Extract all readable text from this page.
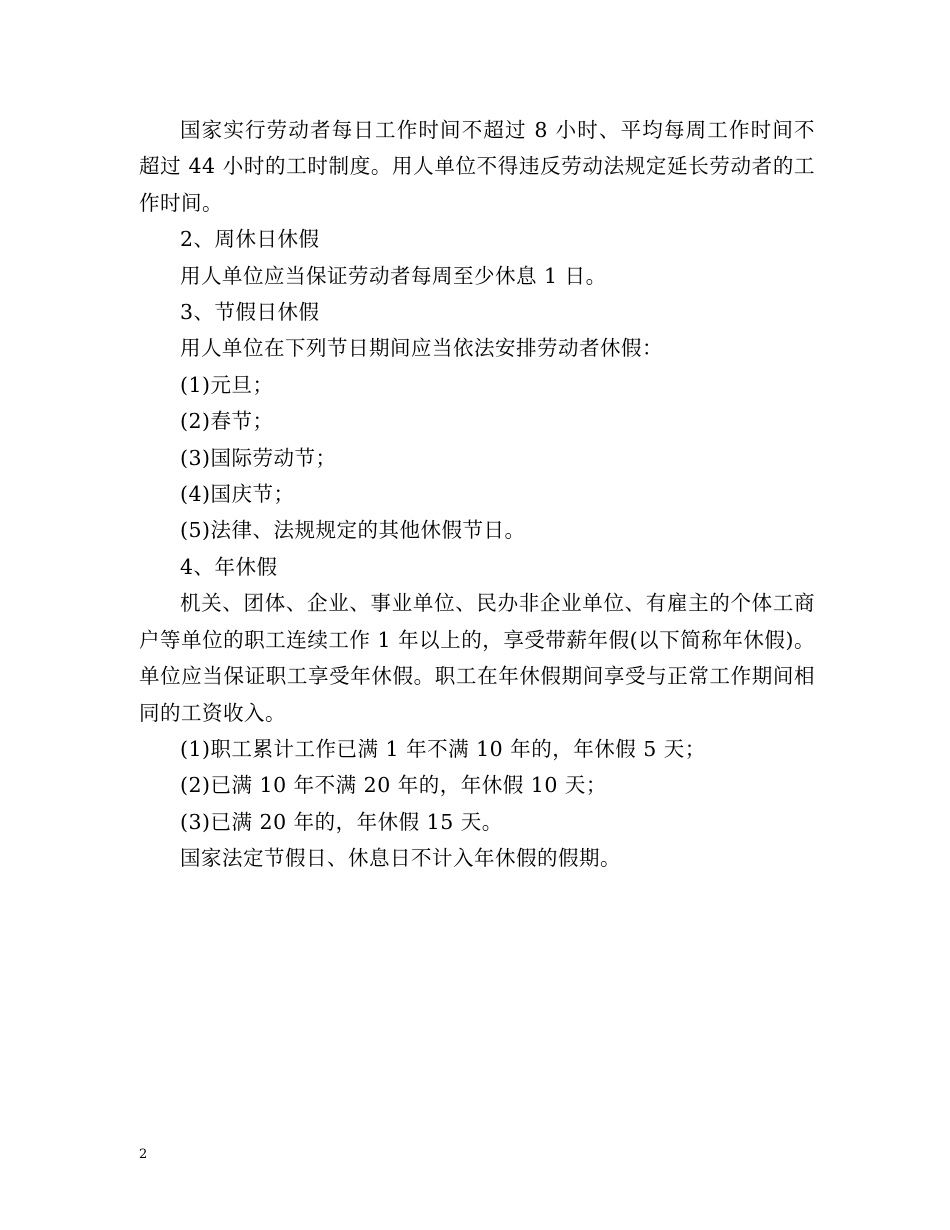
国家实行劳动者每日工作时间不超过 8 小时、平均每周工作时间不超过 44 小时的工时制度。用人单位不得违反劳动法规定延长劳动者的工作时间。

2、周休日休假

用人单位应当保证劳动者每周至少休息 1 日。

3、节假日休假

用人单位在下列节日期间应当依法安排劳动者休假：

(1)元旦；

(2)春节；

(3)国际劳动节；

(4)国庆节；

(5)法律、法规规定的其他休假节日。

4、年休假

机关、团体、企业、事业单位、民办非企业单位、有雇主的个体工商户等单位的职工连续工作 1 年以上的，享受带薪年假(以下简称年休假)。单位应当保证职工享受年休假。职工在年休假期间享受与正常工作期间相同的工资收入。

(1)职工累计工作已满 1 年不满 10 年的，年休假 5 天；

(2)已满 10 年不满 20 年的，年休假 10 天；

(3)已满 20 年的，年休假 15 天。

国家法定节假日、休息日不计入年休假的假期。

2
